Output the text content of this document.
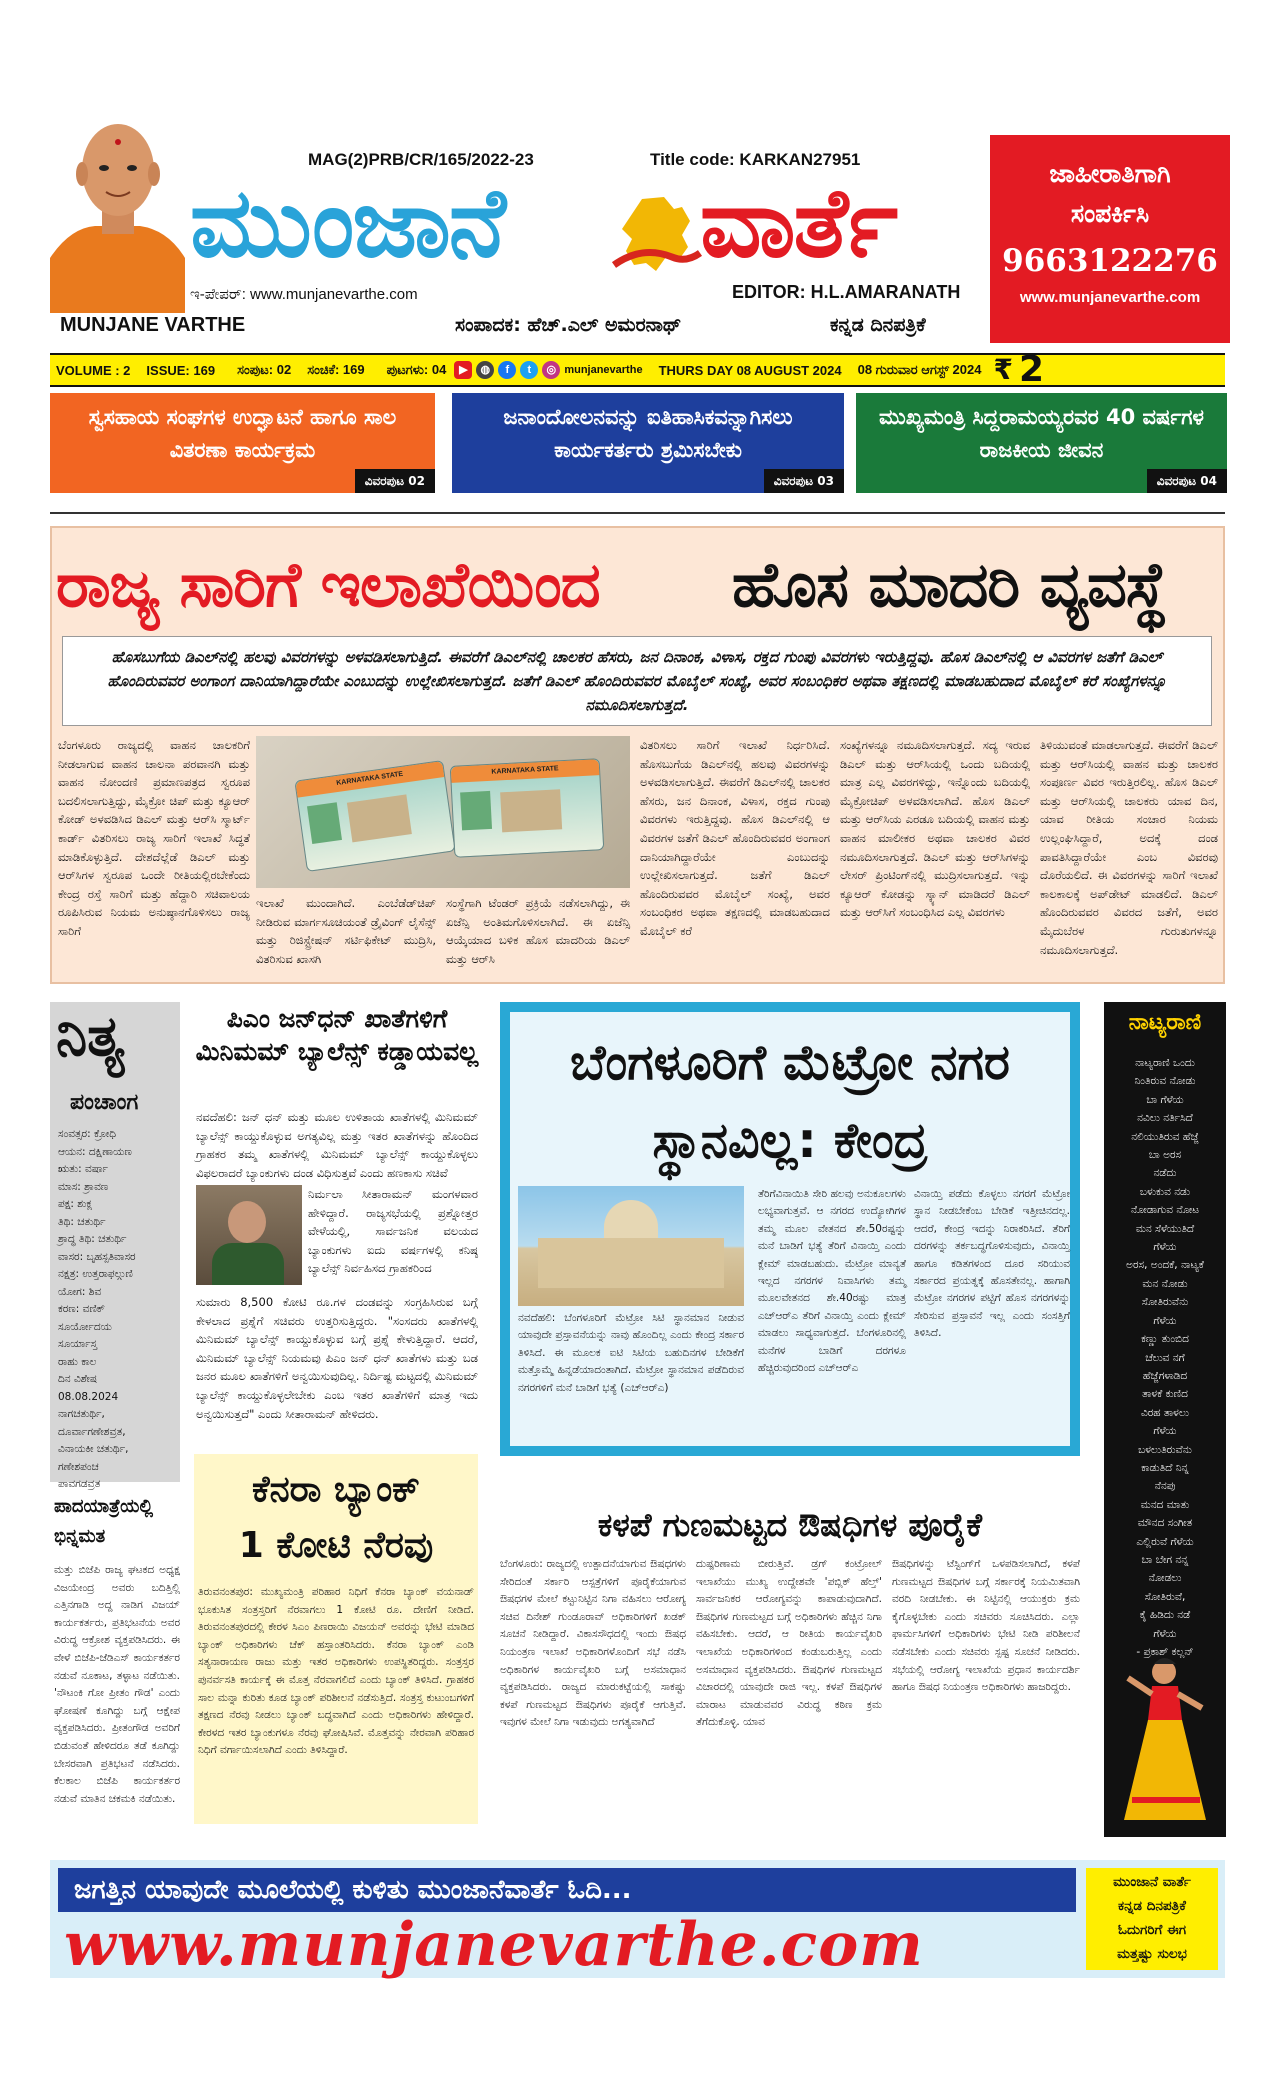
MUNJANE VARTHE
MAG(2)PRB/CR/165/2022-23	Title code: KARKAN27951
ಮುಂಜಾನೆ ವಾರ್ತೆ
ಇ-ಪೇಪರ್: www.munjanevarthe.com	EDITOR: H.L.AMARANATH
ಸಂಪಾದಕ: ಹೆಚ್.ಎಲ್ ಅಮರನಾಥ್	ಕನ್ನಡ ದಿನಪತ್ರಿಕೆ
ಜಾಹೀರಾತಿಗಾಗಿ
ಸಂಪರ್ಕಿಸಿ
9663122276
www.munjanevarthe.com
VOLUME : 2 ISSUE: 169 ಸಂಪುಟ: 02 ಸಂಚಿಕೆ: 169 ಪುಟಗಳು: 04	▶	◍	f	t	◎ munjanevarthe THURS DAY 08 AUGUST 2024 08 ಗುರುವಾರ ಆಗಸ್ಟ್ 2024 ₹ 2
ಸ್ವಸಹಾಯ ಸಂಘಗಳ ಉದ್ಘಾಟನೆ ಹಾಗೂ ಸಾಲ ವಿತರಣಾ ಕಾರ್ಯಕ್ರಮ
ವಿವರಪುಟ 02
ಜನಾಂದೋಲನವನ್ನು ಐತಿಹಾಸಿಕವನ್ನಾಗಿಸಲು ಕಾರ್ಯಕರ್ತರು ಶ್ರಮಿಸಬೇಕು
ವಿವರಪುಟ 03
ಮುಖ್ಯಮಂತ್ರಿ ಸಿದ್ದರಾಮಯ್ಯರವರ 40 ವರ್ಷಗಳ ರಾಜಕೀಯ ಜೀವನ
ವಿವರಪುಟ 04
ರಾಜ್ಯ ಸಾರಿಗೆ ಇಲಾಖೆಯಿಂದ ಹೊಸ ಮಾದರಿ ವ್ಯವಸ್ಥೆ
ಹೊಸಬುಗೆಯ ಡಿಎಲ್‌ನಲ್ಲಿ ಹಲವು ವಿವರಗಳನ್ನು ಅಳವಡಿಸಲಾಗುತ್ತಿದೆ. ಈವರೆಗೆ ಡಿಎಲ್‌ನಲ್ಲಿ ಚಾಲಕರ ಹೆಸರು, ಜನ ದಿನಾಂಕ, ವಿಳಾಸ, ರಕ್ತದ ಗುಂಪು ವಿವರಗಳು ಇರುತ್ತಿದ್ದವು. ಹೊಸ ಡಿಎಲ್‌ನಲ್ಲಿ ಆ ವಿವರಗಳ ಜತೆಗೆ ಡಿಎಲ್ ಹೊಂದಿರುವವರ ಅಂಗಾಂಗ ದಾನಿಯಾಗಿದ್ದಾರೆಯೇ ಎಂಬುದನ್ನು ಉಲ್ಲೇಖಿಸಲಾಗುತ್ತದೆ. ಜತೆಗೆ ಡಿಎಲ್ ಹೊಂದಿರುವವರ ಮೊಬೈಲ್ ಸಂಖ್ಯೆ, ಅವರ ಸಂಬಂಧಿಕರ ಅಥವಾ ತಕ್ಷಣದಲ್ಲಿ ಮಾಡಬಹುದಾದ ಮೊಬೈಲ್ ಕರೆ ಸಂಖ್ಯೆಗಳನ್ನೂ ನಮೂದಿಸಲಾಗುತ್ತದೆ.
ಬೆಂಗಳೂರು ರಾಜ್ಯದಲ್ಲಿ ವಾಹನ ಚಾಲಕರಿಗೆ ನೀಡಲಾಗುವ ವಾಹನ ಚಾಲನಾ ಪರವಾನಗಿ ಮತ್ತು ವಾಹನ ನೋಂದಣಿ ಪ್ರಮಾಣಪತ್ರದ ಸ್ವರೂಪ ಬದಲಿಸಲಾಗುತ್ತಿದ್ದು, ಮೈಕ್ರೋ ಚಿಪ್ ಮತ್ತು ಕ್ಯೂಆರ್ ಕೋಡ್ ಅಳವಡಿಸಿದ ಡಿಎಲ್ ಮತ್ತು ಆರ್‌ಸಿ ಸ್ಮಾರ್ಟ್ ಕಾರ್ಡ್ ವಿತರಿಸಲು ರಾಜ್ಯ ಸಾರಿಗೆ ಇಲಾಖೆ ಸಿದ್ಧತೆ ಮಾಡಿಕೊಳ್ಳುತ್ತಿದೆ. ದೇಶದೆಲ್ಲೆಡೆ ಡಿಎಲ್ ಮತ್ತು ಆರ್‌ಸಿಗಳ ಸ್ವರೂಪ ಒಂದೇ ರೀತಿಯಲ್ಲಿರಬೇಕೆಂದು ಕೇಂದ್ರ ರಸ್ತೆ ಸಾರಿಗೆ ಮತ್ತು ಹೆದ್ದಾರಿ ಸಚಿವಾಲಯ ರೂಪಿಸಿರುವ ನಿಯಮ ಅನುಷ್ಠಾನಗೊಳಿಸಲು ರಾಜ್ಯ ಸಾರಿಗೆ
KARNATAKA STATE
KARNATAKA STATE
ಇಲಾಖೆ ಮುಂದಾಗಿದೆ. ಎಂಬೆಡೆಡ್‌ಚಿಪ್ ನೀಡಿರುವ ಮಾರ್ಗಸೂಚಿಯಂತೆ ಡ್ರೈವಿಂಗ್ ಲೈಸೆನ್ಸ್ ಮತ್ತು ರಿಜಿಸ್ಟ್ರೇಷನ್ ಸರ್ಟಿಫಿಕೇಟ್ ಮುದ್ರಿಸಿ, ವಿತರಿಸುವ ಖಾಸಗಿ
ಸಂಸ್ಥೆಗಾಗಿ ಟೆಂಡರ್ ಪ್ರಕ್ರಿಯೆ ನಡೆಸಲಾಗಿದ್ದು, ಈ ಏಜೆನ್ಸಿ ಅಂತಿಮಗೊಳಿಸಲಾಗಿದೆ. ಈ ಏಜೆನ್ಸಿ ಆಯ್ಕೆಯಾದ ಬಳಿಕ ಹೊಸ ಮಾದರಿಯ ಡಿಎಲ್ ಮತ್ತು ಆರ್‌ಸಿ
ವಿತರಿಸಲು ಸಾರಿಗೆ ಇಲಾಖೆ ನಿರ್ಧರಿಸಿದೆ. ಹೊಸಬುಗೆಯ ಡಿಎಲ್‌ನಲ್ಲಿ ಹಲವು ವಿವರಗಳನ್ನು ಅಳವಡಿಸಲಾಗುತ್ತಿದೆ. ಈವರೆಗೆ ಡಿಎಲ್‌ನಲ್ಲಿ ಚಾಲಕರ ಹೆಸರು, ಜನ ದಿನಾಂಕ, ವಿಳಾಸ, ರಕ್ತದ ಗುಂಪು ವಿವರಗಳು ಇರುತ್ತಿದ್ದವು. ಹೊಸ ಡಿಎಲ್‌ನಲ್ಲಿ ಆ ವಿವರಗಳ ಜತೆಗೆ ಡಿಎಲ್ ಹೊಂದಿರುವವರ ಅಂಗಾಂಗ ದಾನಿಯಾಗಿದ್ದಾರೆಯೇ ಎಂಬುದನ್ನು ಉಲ್ಲೇಖಿಸಲಾಗುತ್ತದೆ. ಜತೆಗೆ ಡಿಎಲ್ ಹೊಂದಿರುವವರ ಮೊಬೈಲ್ ಸಂಖ್ಯೆ, ಅವರ ಸಂಬಂಧಿಕರ ಅಥವಾ ತಕ್ಷಣದಲ್ಲಿ ಮಾಡಬಹುದಾದ ಮೊಬೈಲ್ ಕರೆ
ಸಂಖ್ಯೆಗಳನ್ನೂ ನಮೂದಿಸಲಾಗುತ್ತದೆ. ಸದ್ಯ ಇರುವ ಡಿಎಲ್ ಮತ್ತು ಆರ್‌ಸಿಯಲ್ಲಿ ಒಂದು ಬದಿಯಲ್ಲಿ ಮಾತ್ರ ಎಲ್ಲ ವಿವರಗಳಿದ್ದು, ಇನ್ನೊಂದು ಬದಿಯಲ್ಲಿ ಮೈಕ್ರೋಚಿಪ್ ಅಳವಡಿಸಲಾಗಿದೆ. ಹೊಸ ಡಿಎಲ್ ಮತ್ತು ಆರ್‌ಸಿಯ ಎರಡೂ ಬದಿಯಲ್ಲಿ ವಾಹನ ಮತ್ತು ವಾಹನ ಮಾಲೀಕರ ಅಥವಾ ಚಾಲಕರ ವಿವರ ನಮೂದಿಸಲಾಗುತ್ತದೆ. ಡಿಎಲ್ ಮತ್ತು ಆರ್‌ಸಿಗಳನ್ನು ಲೇಸರ್ ಪ್ರಿಂಟಿಂಗ್‌ನಲ್ಲಿ ಮುದ್ರಿಸಲಾಗುತ್ತದೆ. ಇನ್ನು ಕ್ಯೂಆರ್ ಕೋಡನ್ನು ಸ್ಕ್ಯಾನ್ ಮಾಡಿದರೆ ಡಿಎಲ್ ಮತ್ತು ಆರ್‌ಸಿಗೆ ಸಂಬಂಧಿಸಿದ ಎಲ್ಲ ವಿವರಗಳು
ತಿಳಿಯುವಂತೆ ಮಾಡಲಾಗುತ್ತದೆ. ಈವರೆಗೆ ಡಿಎಲ್ ಮತ್ತು ಆರ್‌ಸಿಯಲ್ಲಿ ವಾಹನ ಮತ್ತು ಚಾಲಕರ ಸಂಪೂರ್ಣ ವಿವರ ಇರುತ್ತಿರಲಿಲ್ಲ. ಹೊಸ ಡಿಎಲ್ ಮತ್ತು ಆರ್‌ಸಿಯಲ್ಲಿ ಚಾಲಕರು ಯಾವ ದಿನ, ಯಾವ ರೀತಿಯ ಸಂಚಾರ ನಿಯಮ ಉಲ್ಲಂಘಿಸಿದ್ದಾರೆ, ಅದಕ್ಕೆ ದಂಡ ಪಾವತಿಸಿದ್ದಾರೆಯೇ ಎಂಬ ವಿವರವು ದೊರೆಯಲಿದೆ. ಈ ವಿವರಗಳನ್ನು ಸಾರಿಗೆ ಇಲಾಖೆ ಕಾಲಕಾಲಕ್ಕೆ ಅಪ್‌ಡೇಟ್ ಮಾಡಲಿದೆ. ಡಿಎಲ್ ಹೊಂದಿರುವವರ ವಿವರದ ಜತೆಗೆ, ಅವರ ಮೈದುಬೆರಳ ಗುರುತುಗಳನ್ನೂ ನಮೂದಿಸಲಾಗುತ್ತದೆ.
ನಿತ್ಯ
ಪಂಚಾಂಗ
ಸಂವತ್ಸರ: ಕ್ರೋಧಿ
ಆಯನ: ದಕ್ಷಿಣಾಯಣ
ಋತು: ವರ್ಷಾ
ಮಾಸ: ಶ್ರಾವಣ
ಪಕ್ಷ: ಶುಕ್ಲ
ತಿಥಿ: ಚತುರ್ಥಿ
ಶ್ರಾದ್ಧ ತಿಥಿ: ಚತುರ್ಥಿ
ವಾಸರ: ಬೃಹಸ್ಪತಿವಾಸರ
ನಕ್ಷತ್ರ: ಉತ್ತರಾಫಲ್ಗುಣಿ
ಯೋಗ: ಶಿವ
ಕರಣ: ವಣಿಕ್
ಸೂರ್ಯೋದಯ
ಸೂರ್ಯಾಸ್ತ
ರಾಹು ಕಾಲ
ದಿನ ವಿಶೇಷ
08.08.2024
ನಾಗಚತುರ್ಥಿ,
ದೂರ್ವಾಗಣೇಶವ್ರತ,
ವಿನಾಯಕೀ ಚತುರ್ಥಿ,
ಗಣೇಶಪಂಚ
ಪಾವಗಡವ್ರತ
ಪಾದಯಾತ್ರೆಯಲ್ಲಿ ಭಿನ್ನಮತ
ಮತ್ತು ಬಿಜೆಪಿ ರಾಜ್ಯ ಘಟಕದ ಅಧ್ಯಕ್ಷ ವಿಜಯೇಂದ್ರ ಅವರು ಬದಿತ್ತಿಲ್ಲಿ ಎತ್ತಿನಗಾಡಿ ಅದ್ದ ನಾಡಿಗ ವಿಜಯ್ ಕಾರ್ಯಕರ್ತರು, ಪ್ರತಿಭಟನೆಯ ಅವರ ವಿರುದ್ಧ ಆಕ್ರೋಶ ವ್ಯಕ್ತಪಡಿಸಿದರು. ಈ ವೇಳೆ ಬಿಜೆಪಿ-ಜೆಡಿಎಸ್ ಕಾರ್ಯಕರ್ತರ ನಡುವೆ ನೂಕಾಟ, ತಳ್ಳಾಟ ನಡೆಯಿತು. 'ನೌಟಂಕಿ ಗೋ ಪ್ರೀತಂ ಗೌಡ' ಎಂದು ಘೋಷಣೆ ಕೂಗಿದ್ದು ಬಗ್ಗೆ ಆಕ್ಷೇಪ ವ್ಯಕ್ತಪಡಿಸಿದರು. ಪ್ರೀತಂಗೌಡ ಅವರಿಗೆ ಬಿಡುವಂತೆ ಹೇಳಿದರೂ ತಡೆ ಕೂಗಿದ್ದು ಬೇಸರವಾಗಿ ಪ್ರತಿಭಟನೆ ನಡೆಸಿದರು. ಕೆಲಕಾಲ ಬಿಜೆಪಿ ಕಾರ್ಯಕರ್ತರ ನಡುವೆ ಮಾತಿನ ಚಕಮಕಿ ನಡೆಯಿತು.
ಪಿಎಂ ಜನ್‌ಧನ್ ಖಾತೆಗಳಿಗೆ ಮಿನಿಮಮ್ ಬ್ಯಾಲೆನ್ಸ್ ಕಡ್ಡಾಯವಲ್ಲ
ನವದೆಹಲಿ: ಜನ್ ಧನ್ ಮತ್ತು ಮೂಲ ಉಳಿತಾಯ ಖಾತೆಗಳಲ್ಲಿ ಮಿನಿಮಮ್ ಬ್ಯಾಲೆನ್ಸ್ ಕಾಯ್ದುಕೊಳ್ಳುವ ಅಗತ್ಯವಿಲ್ಲ ಮತ್ತು ಇತರ ಖಾತೆಗಳನ್ನು ಹೊಂದಿದ ಗ್ರಾಹಕರ ತಮ್ಮ ಖಾತೆಗಳಲ್ಲಿ ಮಿನಿಮಮ್ ಬ್ಯಾಲೆನ್ಸ್ ಕಾಯ್ದುಕೊಳ್ಳಲು ವಿಫಲರಾದರೆ ಬ್ಯಾಂಕುಗಳು ದಂಡ ವಿಧಿಸುತ್ತವೆ ಎಂದು ಹಣಕಾಸು ಸಚಿವೆ
ನಿರ್ಮಲಾ ಸೀತಾರಾಮನ್ ಮಂಗಳವಾರ ಹೇಳಿದ್ದಾರೆ. ರಾಜ್ಯಸಭೆಯಲ್ಲಿ ಪ್ರಶ್ನೋತ್ತರ ವೇಳೆಯಲ್ಲಿ, ಸಾರ್ವಜನಿಕ ವಲಯದ ಬ್ಯಾಂಕುಗಳು ಐದು ವರ್ಷಗಳಲ್ಲಿ ಕನಿಷ್ಠ ಬ್ಯಾಲೆನ್ಸ್ ನಿರ್ವಹಿಸದ ಗ್ರಾಹಕರಿಂದ
ಸುಮಾರು 8,500 ಕೋಟಿ ರೂ.ಗಳ ದಂಡವನ್ನು ಸಂಗ್ರಹಿಸಿರುವ ಬಗ್ಗೆ ಕೇಳಲಾದ ಪ್ರಶ್ನೆಗೆ ಸಚಿವರು ಉತ್ತರಿಸುತ್ತಿದ್ದರು. "ಸಂಸದರು ಖಾತೆಗಳಲ್ಲಿ ಮಿನಿಮಮ್ ಬ್ಯಾಲೆನ್ಸ್ ಕಾಯ್ದುಕೊಳ್ಳುವ ಬಗ್ಗೆ ಪ್ರಶ್ನೆ ಕೇಳುತ್ತಿದ್ದಾರೆ. ಆದರೆ, ಮಿನಿಮಮ್ ಬ್ಯಾಲೆನ್ಸ್ ನಿಯಮವು ಪಿಎಂ ಜನ್ ಧನ್ ಖಾತೆಗಳು ಮತ್ತು ಬಡ ಜನರ ಮೂಲ ಖಾತೆಗಳಿಗೆ ಅನ್ವಯಿಸುವುದಿಲ್ಲ. ನಿರ್ದಿಷ್ಟ ಮಟ್ಟದಲ್ಲಿ ಮಿನಿಮಮ್ ಬ್ಯಾಲೆನ್ಸ್ ಕಾಯ್ದುಕೊಳ್ಳಲೇಬೇಕು ಎಂಬ ಇತರ ಖಾತೆಗಳಿಗೆ ಮಾತ್ರ ಇದು ಅನ್ವಯಿಸುತ್ತದೆ" ಎಂದು ಸೀತಾರಾಮನ್ ಹೇಳಿದರು.
ಕೆನರಾ ಬ್ಯಾಂಕ್
1 ಕೋಟಿ ನೆರವು
ತಿರುವನಂತಪುರ: ಮುಖ್ಯಮಂತ್ರಿ ಪರಿಹಾರ ನಿಧಿಗೆ ಕೆನರಾ ಬ್ಯಾಂಕ್ ವಯನಾಡ್ ಭೂಕುಸಿತ ಸಂತ್ರಸ್ತರಿಗೆ ನೆರವಾಗಲು 1 ಕೋಟಿ ರೂ. ದೇಣಿಗೆ ನೀಡಿದೆ. ತಿರುವನಂತಪುರದಲ್ಲಿ ಕೇರಳ ಸಿಎಂ ಪಿಣರಾಯಿ ವಿಜಯನ್ ಅವರನ್ನು ಭೇಟಿ ಮಾಡಿದ ಬ್ಯಾಂಕ್ ಅಧಿಕಾರಿಗಳು ಚೆಕ್ ಹಸ್ತಾಂತರಿಸಿದರು. ಕೆನರಾ ಬ್ಯಾಂಕ್ ಎಂಡಿ ಸತ್ಯನಾರಾಯಣ ರಾಜು ಮತ್ತು ಇತರ ಅಧಿಕಾರಿಗಳು ಉಪಸ್ಥಿತರಿದ್ದರು. ಸಂತ್ರಸ್ತರ ಪುನರ್ವಸತಿ ಕಾರ್ಯಕ್ಕೆ ಈ ಮೊತ್ತ ನೆರವಾಗಲಿದೆ ಎಂದು ಬ್ಯಾಂಕ್ ತಿಳಿಸಿದೆ. ಗ್ರಾಹಕರ ಸಾಲ ಮನ್ನಾ ಕುರಿತು ಕೂಡ ಬ್ಯಾಂಕ್ ಪರಿಶೀಲನೆ ನಡೆಸುತ್ತಿದೆ. ಸಂತ್ರಸ್ತ ಕುಟುಂಬಗಳಿಗೆ ತಕ್ಷಣದ ನೆರವು ನೀಡಲು ಬ್ಯಾಂಕ್ ಬದ್ಧವಾಗಿದೆ ಎಂದು ಅಧಿಕಾರಿಗಳು ಹೇಳಿದ್ದಾರೆ. ಕೇರಳದ ಇತರ ಬ್ಯಾಂಕುಗಳೂ ನೆರವು ಘೋಷಿಸಿವೆ. ಮೊತ್ತವನ್ನು ನೇರವಾಗಿ ಪರಿಹಾರ ನಿಧಿಗೆ ವರ್ಗಾಯಿಸಲಾಗಿದೆ ಎಂದು ತಿಳಿಸಿದ್ದಾರೆ.
ಬೆಂಗಳೂರಿಗೆ ಮೆಟ್ರೋ ನಗರ ಸ್ಥಾನವಿಲ್ಲ: ಕೇಂದ್ರ
ನವದೆಹಲಿ: ಬೆಂಗಳೂರಿಗೆ ಮೆಟ್ರೋ ಸಿಟಿ ಸ್ಥಾನಮಾನ ನೀಡುವ ಯಾವುದೇ ಪ್ರಸ್ತಾವನೆಯನ್ನು ನಾವು ಹೊಂದಿಲ್ಲ ಎಂದು ಕೇಂದ್ರ ಸರ್ಕಾರ ತಿಳಿಸಿದೆ. ಈ ಮೂಲಕ ಐಟಿ ಸಿಟಿಯ ಬಹುದಿನಗಳ ಬೇಡಿಕೆಗೆ ಮತ್ತೊಮ್ಮೆ ಹಿನ್ನಡೆಯಾದಂತಾಗಿದೆ. ಮೆಟ್ರೋ ಸ್ಥಾನಮಾನ ಪಡೆದಿರುವ ನಗರಗಳಿಗೆ ಮನೆ ಬಾಡಿಗೆ ಭತ್ಯೆ (ಎಚ್‌ಆರ್‌ಎ)
ತೆರಿಗೆವಿನಾಯಿತಿ ಸೇರಿ ಹಲವು ಅನುಕೂಲಗಳು ಲಭ್ಯವಾಗುತ್ತವೆ. ಆ ನಗರದ ಉದ್ಯೋಗಿಗಳ ತಮ್ಮ ಮೂಲ ವೇತನದ ಶೇ.50ರಷ್ಟನ್ನು ಮನೆ ಬಾಡಿಗೆ ಭತ್ಯೆ ತೆರಿಗೆ ವಿನಾಯ್ತಿ ಎಂದು ಕ್ಲೇಮ್ ಮಾಡಬಹುದು. ಮೆಟ್ರೋ ಮಾನ್ಯತೆ ಇಲ್ಲದ ನಗರಗಳ ನಿವಾಸಿಗಳು ತಮ್ಮ ಮೂಲವೇತನದ ಶೇ.40ರಷ್ಟು ಮಾತ್ರ ಎಚ್‌ಆರ್‌ಎ ತೆರಿಗೆ ವಿನಾಯ್ತಿ ಎಂದು ಕ್ಲೇಮ್ ಮಾಡಲು ಸಾಧ್ಯವಾಗುತ್ತದೆ. ಬೆಂಗಳೂರಿನಲ್ಲಿ ಮನೆಗಳ ಬಾಡಿಗೆ ದರಗಳೂ ಹೆಚ್ಚಿರುವುದರಿಂದ ಎಚ್‌ಆರ್‌ಎ
ವಿನಾಯ್ತಿ ಪಡೆದು ಕೊಳ್ಳಲು ನಗರಗೆ ಮೆಟ್ರೋ ಸ್ಥಾನ ನೀಡಬೇಕೆಂಬ ಬೇಡಿಕೆ ಇತ್ತೀಚಿನದಲ್ಲ. ಆದರೆ, ಕೇಂದ್ರ ಇದನ್ನು ನಿರಾಕರಿಸಿದೆ. ತೆರಿಗೆ ದರಗಳನ್ನು ತರ್ಕಬದ್ಧಗೊಳಿಸುವುದು, ವಿನಾಯ್ತಿ ಹಾಗೂ ಕಡಿತಗಳಂದ ದೂರ ಸರಿಯುವ ಸರ್ಕಾರದ ಪ್ರಯತ್ನಕ್ಕೆ ಹೊಸತೇನಲ್ಲ. ಹಾಗಾಗಿ ಮೆಟ್ರೋ ನಗರಗಳ ಪಟ್ಟಿಗೆ ಹೊಸ ನಗರಗಳನ್ನು ಸೇರಿಸುವ ಪ್ರಸ್ತಾವನೆ ಇಲ್ಲ ಎಂದು ಸಂಸತ್ತಿಗೆ ತಿಳಿಸಿದೆ.
ಕಳಪೆ ಗುಣಮಟ್ಟದ ಔಷಧಿಗಳ ಪೂರೈಕೆ
ಬೆಂಗಳೂರು: ರಾಜ್ಯದಲ್ಲಿ ಉತ್ಪಾದನೆಯಾಗುವ ಔಷಧಗಳು ಸೇರಿದಂತೆ ಸರ್ಕಾರಿ ಆಸ್ಪತ್ರೆಗಳಿಗೆ ಪೂರೈಕೆಯಾಗುವ ಔಷಧಗಳ ಮೇಲೆ ಕಟ್ಟುನಿಟ್ಟಿನ ನಿಗಾ ವಹಿಸಲು ಆರೋಗ್ಯ ಸಚಿವ ದಿನೇಶ್ ಗುಂಡೂರಾವ್ ಅಧಿಕಾರಿಗಳಿಗೆ ಖಡಕ್ ಸೂಚನೆ ನೀಡಿದ್ದಾರೆ. ವಿಕಾಸಸೌಧದಲ್ಲಿ ಇಂದು ಔಷಧ ನಿಯಂತ್ರಣ ಇಲಾಖೆ ಅಧಿಕಾರಿಗಳೊಂದಿಗೆ ಸಭೆ ನಡೆಸಿ ಅಧಿಕಾರಿಗಳ ಕಾರ್ಯವೈಖರಿ ಬಗ್ಗೆ ಅಸಮಾಧಾನ ವ್ಯಕ್ತಪಡಿಸಿದರು. ರಾಜ್ಯದ ಮಾರುಕಟ್ಟೆಯಲ್ಲಿ ಸಾಕಷ್ಟು ಕಳಪೆ ಗುಣಮಟ್ಟದ ಔಷಧಿಗಳು ಪೂರೈಕೆ ಆಗುತ್ತಿವೆ. ಇವುಗಳ ಮೇಲೆ ನಿಗಾ ಇಡುವುದು ಅಗತ್ಯವಾಗಿದೆ
ದುಷ್ಪರಿಣಾಮ ಬೀರುತ್ತಿವೆ. ಡ್ರಗ್ ಕಂಟ್ರೋಲ್ ಇಲಾಖೆಯು ಮುಖ್ಯ ಉದ್ದೇಶವೇ 'ಪಬ್ಲಿಕ್ ಹೆಲ್ತ್' ಸಾರ್ವಜನಿಕರ ಆರೋಗ್ಯವನ್ನು ಕಾಪಾಡುವುದಾಗಿದೆ. ಔಷಧಿಗಳ ಗುಣಮಟ್ಟದ ಬಗ್ಗೆ ಅಧಿಕಾರಿಗಳು ಹೆಚ್ಚಿನ ನಿಗಾ ವಹಿಸಬೇಕು. ಆದರೆ, ಆ ರೀತಿಯ ಕಾರ್ಯವೈಖರಿ ಇಲಾಖೆಯ ಅಧಿಕಾರಿಗಳಿಂದ ಕಂಡುಬರುತ್ತಿಲ್ಲ ಎಂದು ಅಸಮಾಧಾನ ವ್ಯಕ್ತಪಡಿಸಿದರು. ಔಷಧಿಗಳ ಗುಣಮಟ್ಟದ ವಿಚಾರದಲ್ಲಿ ಯಾವುದೇ ರಾಜಿ ಇಲ್ಲ. ಕಳಪೆ ಔಷಧಿಗಳ ಮಾರಾಟ ಮಾಡುವವರ ವಿರುದ್ಧ ಕಠಿಣ ಕ್ರಮ ತೆಗೆದುಕೊಳ್ಳಿ. ಯಾವ
ಔಷಧಿಗಳನ್ನು ಟೆಸ್ಟಿಂಗ್‌ಗೆ ಒಳಪಡಿಸಲಾಗಿದೆ, ಕಳಪೆ ಗುಣಮಟ್ಟದ ಔಷಧಿಗಳ ಬಗ್ಗೆ ಸರ್ಕಾರಕ್ಕೆ ನಿಯಮಿತವಾಗಿ ವರದಿ ನೀಡಬೇಕು. ಈ ನಿಟ್ಟಿನಲ್ಲಿ ಆಯುಕ್ತರು ಕ್ರಮ ಕೈಗೊಳ್ಳಬೇಕು ಎಂದು ಸಚಿವರು ಸೂಚಿಸಿದರು. ಎಲ್ಲಾ ಫಾರ್ಮಸಿಗಳಿಗೆ ಅಧಿಕಾರಿಗಳು ಭೇಟಿ ನೀಡಿ ಪರಿಶೀಲನೆ ನಡೆಸಬೇಕು ಎಂದು ಸಚಿವರು ಸ್ಪಷ್ಟ ಸೂಚನೆ ನೀಡಿದರು. ಸಭೆಯಲ್ಲಿ ಆರೋಗ್ಯ ಇಲಾಖೆಯ ಪ್ರಧಾನ ಕಾರ್ಯದರ್ಶಿ ಹಾಗೂ ಔಷಧ ನಿಯಂತ್ರಣ ಅಧಿಕಾರಿಗಳು ಹಾಜರಿದ್ದರು.
ನಾಟ್ಯರಾಣಿ
ನಾಟ್ಯರಾಣಿ ಒಂದು
ನಿಂತಿರುವ ನೋಡು
ಬಾ ಗೆಳೆಯ
ನವಿಲು ನರ್ತಿಸಿದೆ
ನಲಿಯುತಿರುವ ಹೆಜ್ಜೆ
ಬಾ ಅರಸ
ನಡೆದು
ಬಳುಕುವ ನಡು
ನೋಡಾಗುವ ನೋಟ
ಮನ ಸೆಳೆಯುತಿದೆ
ಗೆಳೆಯ
ಅರಸ, ಅಂದಕೆ, ನಾಟ್ಯಕೆ
ಮನ ನೋಡು
ಸೋತಿರುವೆನು
ಗೆಳೆಯ
ಕಣ್ಣು ತುಂಬಿದ
ಚೆಲುವ ನಗೆ
ಹೆಜ್ಜೆಗಳಾಡಿದ
ತಾಳಕೆ ಕುಣಿದ
ವಿರಹ ತಾಳಲು
ಗೆಳೆಯ
ಬಳಲುತಿರುವೆನು
ಕಾಡುತಿದೆ ನಿನ್ನ
ನೆನಪು
ಮನದ ಮಾತು
ಮೌನದ ಸಂಗೀತ
ಎಲ್ಲಿರುವೆ ಗೆಳೆಯ
ಬಾ ಬೇಗ ನನ್ನ
ನೋಡಲು
ಸೋತಿರುವೆ,
ಕೈ ಹಿಡಿದು ನಡೆ
ಗೆಳೆಯ
- ಪ್ರಕಾಶ್ ಕಲ್ಲನ್
ಜಗತ್ತಿನ ಯಾವುದೇ ಮೂಲೆಯಲ್ಲಿ ಕುಳಿತು ಮುಂಜಾನೆವಾರ್ತೆ ಓದಿ...
www.munjanevarthe.com
ಮುಂಜಾನೆ ವಾರ್ತೆ
ಕನ್ನಡ ದಿನಪತ್ರಿಕೆ
ಓದುಗರಿಗೆ ಈಗ
ಮತ್ತಷ್ಟು ಸುಲಭ
